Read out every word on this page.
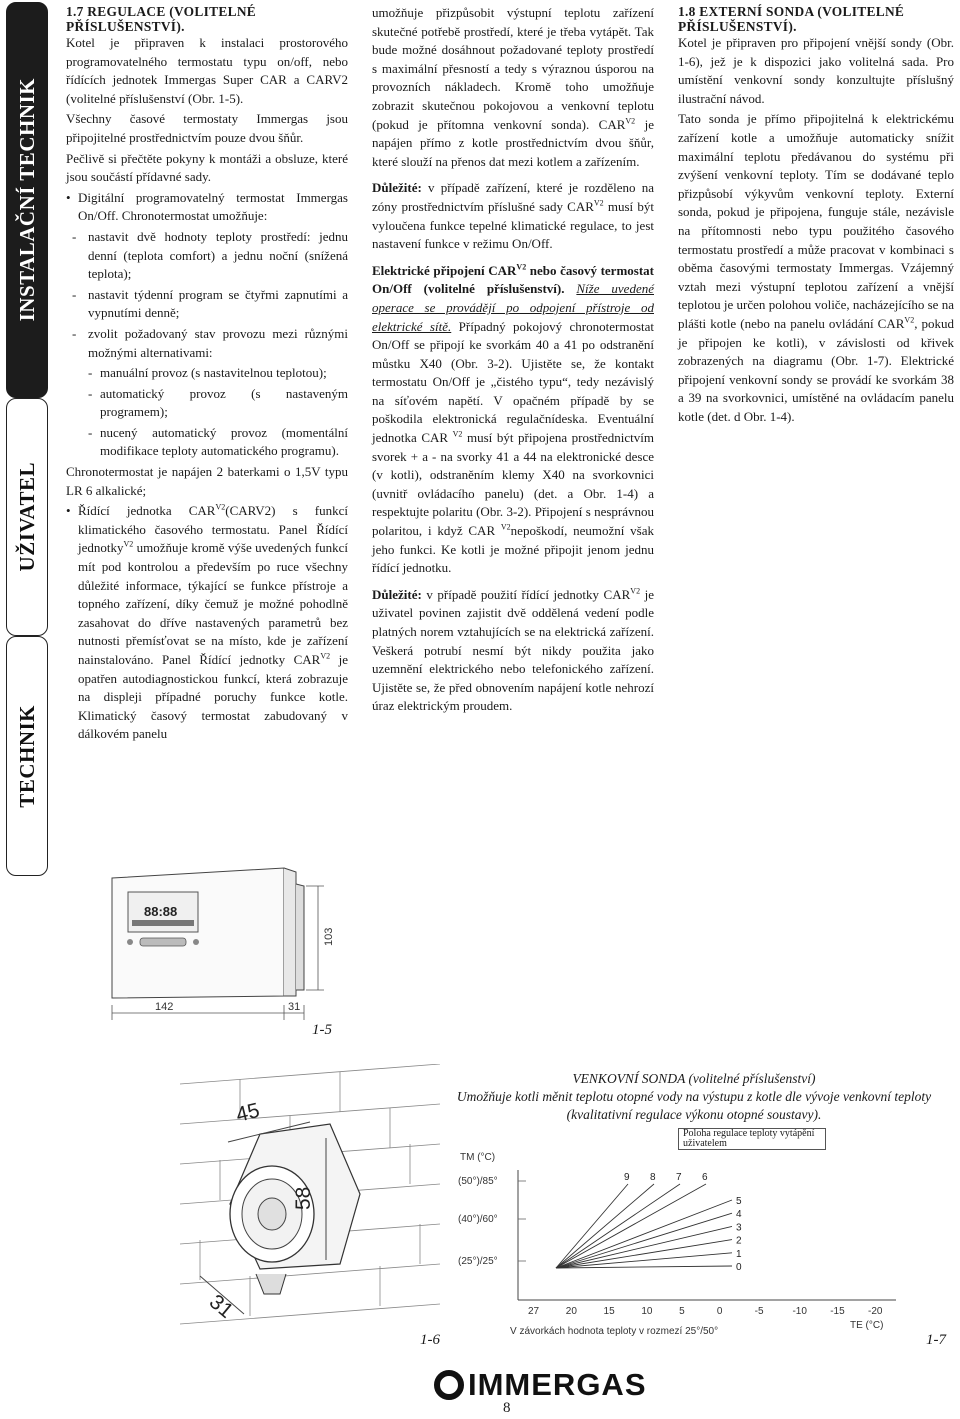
INSTALAČNÍ TECHNIK
UŽIVATEL
TECHNIK
1.7 REGULACE (VOLITELNÉ PŘÍSLUŠENSTVÍ).

Kotel je připraven k instalaci prostorového programovatelného termostatu typu on/off, nebo řídících jednotek Immergas Super CAR a CARV2 (volitelné příslušenství (Obr. 1-5).

Všechny časové termostaty Immergas jsou připojitelné prostřednictvím pouze dvou šňůr.

Pečlivě si přečtěte pokyny k montáži a obsluze, které jsou součástí přídavné sady.

• Digitální programovatelný termostat Immergas On/Off. Chronotermostat umožňuje:

- nastavit dvě hodnoty teploty prostředí: jednu denní (teplota comfort) a jednu noční (snížená teplota);

- nastavit týdenní program se čtyřmi zapnutími a vypnutími denně;

- zvolit požadovaný stav provozu mezi různými možnými alternativami:

- manuální provoz (s nastavitelnou teplotou);

- automatický provoz (s nastaveným programem);

- nucený automatický provoz (momentální modifikace teploty automatického programu).

Chronotermostat je napájen 2 baterkami o 1,5V typu LR 6 alkalické;

• Řídící jednotka $CAR^{V2}(CARV2)$ s funkcí klimatického časového termostatu. Panel Řídící jednotky$^{V2}$ umožňuje kromě výše uvedených funkcí mít pod kontrolou a především po ruce všechny důležité informace, týkající se funkce přístroje a topného zařízení, díky čemuž je možné pohodlně zasahovat do dříve nastavených parametrů bez nutnosti přemísťovat se na místo, kde je zařízení nainstalováno. Panel Řídící jednotky $CAR^{V2}$ je opatřen autodiagnostickou funkcí, která zobrazuje na displeji případné poruchy funkce kotle. Klimatický časový termostat zabudovaný v dálkovém panelu

umožňuje přizpůsobit výstupní teplotu zařízení skutečné potřebě prostředí, které je třeba vytápět. Tak bude možné dosáhnout požadované teploty prostředí s maximální přesností a tedy s výraznou úsporou na provozních nákladech. Kromě toho umožňuje zobrazit skutečnou pokojovou a venkovní teplotu (pokud je přítomna venkovní sonda). $CAR^{V2}$ je napájen přímo z kotle prostřednictvím dvou šňůr, které slouží na přenos dat mezi kotlem a zařízením.

Důležité: v případě zařízení, které je rozděleno na zóny prostřednictvím příslušné sady $CAR^{V2}$ musí být vyloučena funkce tepelné klimatické regulace, to jest nastavení funkce v režimu On/Off.

Elektrické připojení $CAR^{V2}$ nebo časový termostat On/Off (volitelné příslušenství). Níže uvedené operace se provádějí po odpojení přístroje od elektrické sítě. Případný pokojový chronotermostat On/Off se připojí ke svorkám 40 a 41 po odstranění můstku X40 (Obr. 3-2). Ujistěte se, že kontakt termostatu On/Off je „čistého typu“, tedy nezávislý na síťovém napětí. V opačném případě by se poškodila elektronická regulačnídeska. Eventuální jednotka CAR $^{V2}$ musí být připojena prostřednictvím svorek + a - na svorky 41 a 44 na elektronické desce (v kotli), odstraněním klemy X40 na svorkovnici (uvnitř ovládacího panelu) (det. a Obr. 1-4) a respektujte polaritu (Obr. 3-2). Připojení s nesprávnou polaritou, i když CAR $^{V2}$nepoškodí, neumožní však jeho funkci. Ke kotli je možné připojit jenom jednu řídící jednotku.

Důležité: v případě použití řídící jednotky $CAR^{V2}$ je uživatel povinen zajistit dvě oddělená vedení podle platných norem vztahujících se na elektrická zařízení. Veškerá potrubí nesmí být nikdy použita jako uzemnění elektrického nebo telefonického zařízení. Ujistěte se, že před obnovením napájení kotle nehrozí úraz elektrickým proudem.

1.8 EXTERNÍ SONDA (VOLITELNÉ PŘÍSLUŠENSTVÍ).

Kotel je připraven pro připojení vnější sondy (Obr. 1-6), jež je k dispozici jako volitelná sada. Pro umístění venkovní sondy konzultujte příslušný ilustrační návod.

Tato sonda je přímo připojitelná k elektrickému zařízení kotle a umožňuje automaticky snížit maximální teplotu předávanou do systému při zvýšení venkovní teploty. Tím se dodávané teplo přizpůsobí výkyvům venkovní teploty. Externí sonda, pokud je připojena, funguje stále, nezávisle na přítomnosti nebo typu použitého časového termostatu prostředí a může pracovat v kombinaci s oběma časovými termostaty Immergas. Vzájemný vztah mezi výstupní teplotou zařízení a vnější teplotou je určen polohou voliče, nacházejícího se na plášti kotle (nebo na panelu ovládání $CAR^{V2}$, pokud je připojen ke kotli), v závislosti od křivek zobrazených na diagramu (Obr. 1-7). Elektrické připojení venkovní sondy se provádí ke svorkám 38 a 39 na svorkovnici, umístěné na ovládacím panelu kotle (det. d Obr. 1-4).

88:88
142	31
103
1-5
45
58
31
1-6
VENKOVNÍ SONDA (volitelné příslušenství)
Umožňuje kotli měnit teplotu otopné vody na výstupu z kotle dle vývoje venkovní teploty (kvalitativní regulace výkonu otopné soustavy).
Poloha regulace teploty vytápění uživatelem
TM (°C)
(25°)/25°
(40°)/60°
(50°)/85°
27	20	15	10	5	0	-5	-10 -15 -20
0
1
2
3
4
5
6
7
8
9
TE (°C)
V závorkách hodnota teploty v rozmezí 25°/50°
1-7
IMMERGAS
8
